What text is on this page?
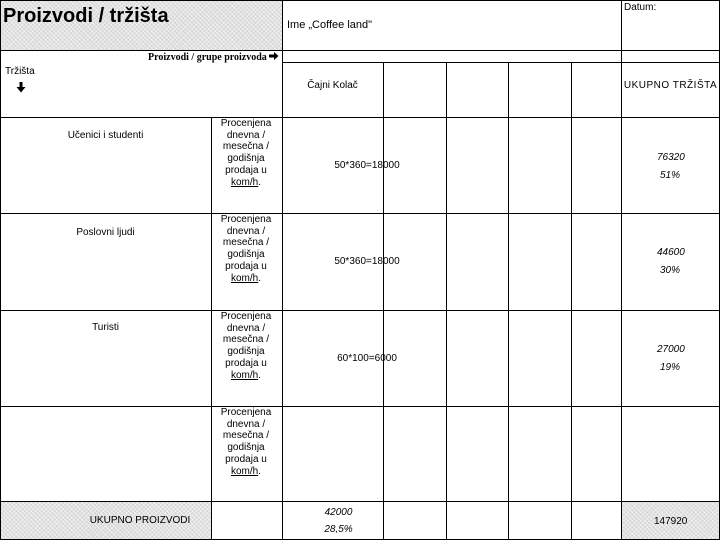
Proizvodi / tržišta	Ime „Coffee land"
Datum:
Proizvodi / grupe proizvoda
Tržišta
Čajni Kolač	UKUPNO TRŽIŠTA
Učenici i studenti
Procenjena
dnevna /
mesečna /
godišnja
prodaja u
kom/h.
50*360=18000
76320
51%
Poslovni ljudi
Procenjena
dnevna /
mesečna /
godišnja
prodaja u
kom/h.
50*360=18000
44600
30%
Turisti
Procenjena
dnevna /
mesečna /
godišnja
prodaja u
kom/h.
60*100=6000
27000
19%
Procenjena
dnevna /
mesečna /
godišnja
prodaja u
kom/h.
UKUPNO PROIZVODI
42000
28,5%
147920
